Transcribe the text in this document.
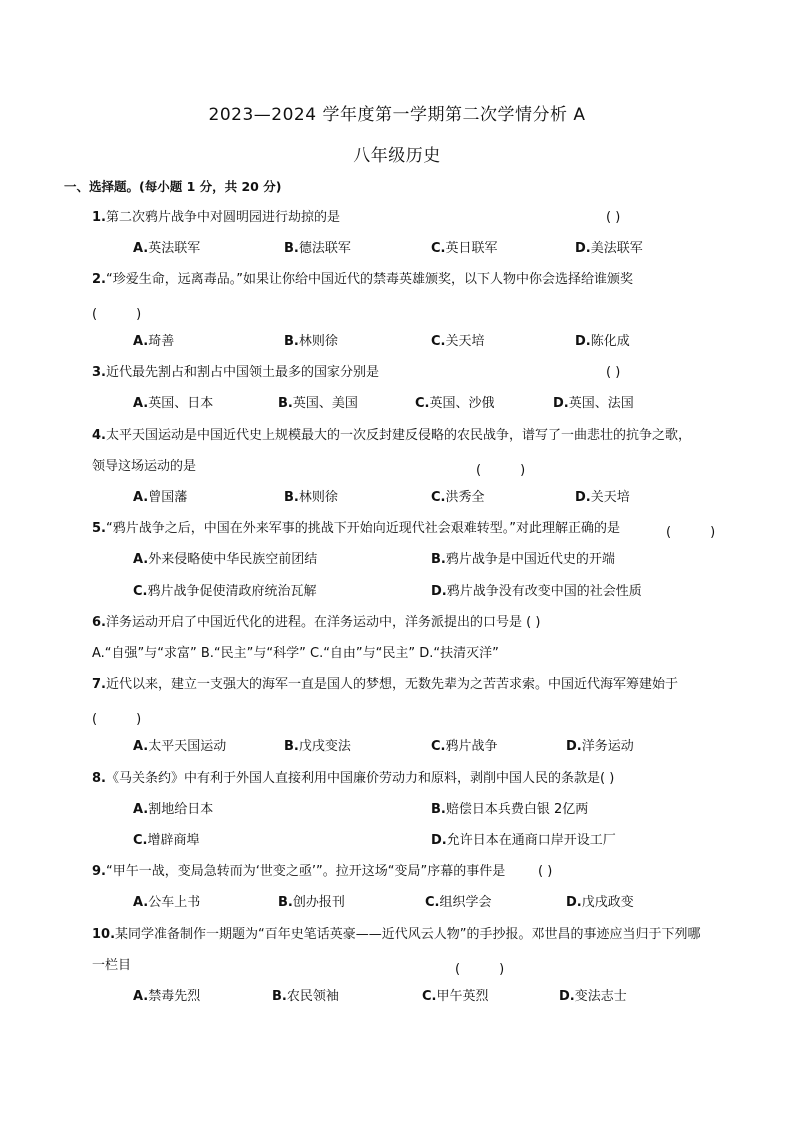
2023—2024 学年度第一学期第二次学情分析 A
八年级历史
一、选择题。(每小题 1 分，共 20 分)
1.第二次鸦片战争中对圆明园进行劫掠的是	( )
A.英法联军	B.德法联军	C.英日联军	D.美法联军
2.“珍爱生命，远离毒品。”如果让你给中国近代的禁毒英雄颁奖，以下人物中你会选择给谁颁奖
(　　　)
A.琦善	B.林则徐	C.关天培	D.陈化成
3.近代最先割占和割占中国领土最多的国家分别是	( )
A.英国、日本	B.英国、美国	C.英国、沙俄	D.英国、法国
4.太平天国运动是中国近代史上规模最大的一次反封建反侵略的农民战争，谱写了一曲悲壮的抗争之歌，
领导这场运动的是	(　　　)
A.曾国藩	B.林则徐	C.洪秀全	D.关天培
5.“鸦片战争之后，中国在外来军事的挑战下开始向近现代社会艰难转型。”对此理解正确的是	(　　　)
A.外来侵略使中华民族空前团结	B.鸦片战争是中国近代史的开端
C.鸦片战争促使清政府统治瓦解	D.鸦片战争没有改变中国的社会性质
6.洋务运动开启了中国近代化的进程。在洋务运动中，洋务派提出的口号是 ( )
A.“自强”与“求富” B.“民主”与“科学” C.“自由”与“民主” D.“扶清灭洋”
7.近代以来，建立一支强大的海军一直是国人的梦想，无数先辈为之苦苦求索。中国近代海军筹建始于
(　　　)
A.太平天国运动	B.戊戌变法	C.鸦片战争	D.洋务运动
8.《马关条约》中有利于外国人直接利用中国廉价劳动力和原料，剥削中国人民的条款是( )
A.割地给日本	B.赔偿日本兵费白银 2亿两
C.增辟商埠	D.允许日本在通商口岸开设工厂
9.“甲午一战，变局急转而为‘世变之亟’”。拉开这场“变局”序幕的事件是	( )
A.公车上书	B.创办报刊	C.组织学会	D.戊戌政变
10.某同学准备制作一期题为“百年史笔话英豪——近代风云人物”的手抄报。邓世昌的事迹应当归于下列哪
一栏目	(　　　)
A.禁毒先烈	B.农民领袖	C.甲午英烈	D.变法志士
